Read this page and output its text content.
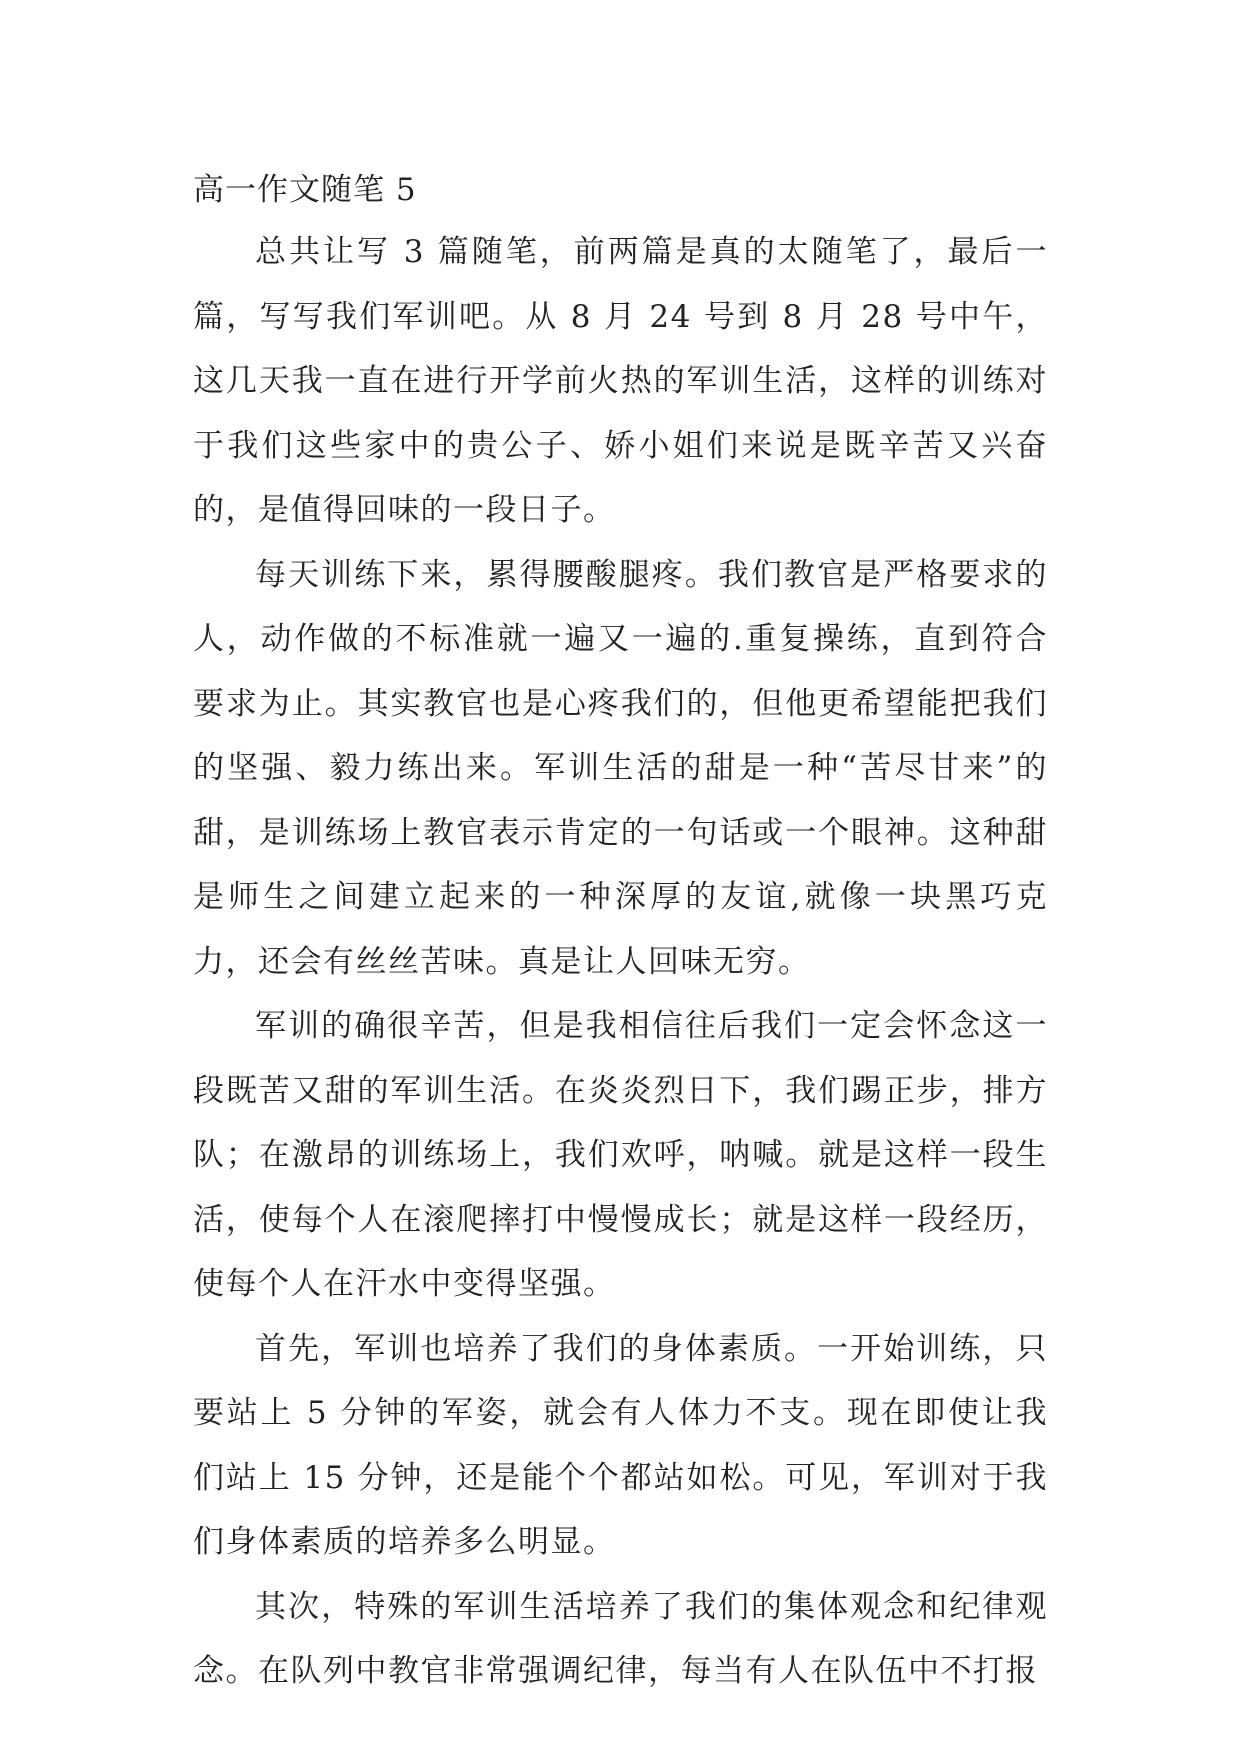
高一作文随笔 5

总共让写 3 篇随笔，前两篇是真的太随笔了，最后一篇，写写我们军训吧。从 8 月 24 号到 8 月 28 号中午，这几天我一直在进行开学前火热的军训生活，这样的训练对于我们这些家中的贵公子、娇小姐们来说是既辛苦又兴奋的，是值得回味的一段日子。

每天训练下来，累得腰酸腿疼。我们教官是严格要求的人，动作做的不标准就一遍又一遍的.重复操练，直到符合要求为止。其实教官也是心疼我们的，但他更希望能把我们的坚强、毅力练出来。军训生活的甜是一种“苦尽甘来”的甜，是训练场上教官表示肯定的一句话或一个眼神。这种甜是师生之间建立起来的一种深厚的友谊,就像一块黑巧克力，还会有丝丝苦味。真是让人回味无穷。

军训的确很辛苦，但是我相信往后我们一定会怀念这一段既苦又甜的军训生活。在炎炎烈日下，我们踢正步，排方队；在激昂的训练场上，我们欢呼，呐喊。就是这样一段生活，使每个人在滚爬摔打中慢慢成长；就是这样一段经历，使每个人在汗水中变得坚强。

首先，军训也培养了我们的身体素质。一开始训练，只要站上 5 分钟的军姿，就会有人体力不支。现在即使让我们站上 15 分钟，还是能个个都站如松。可见，军训对于我们身体素质的培养多么明显。

其次，特殊的军训生活培养了我们的集体观念和纪律观念。在队列中教官非常强调纪律，每当有人在队伍中不打报
